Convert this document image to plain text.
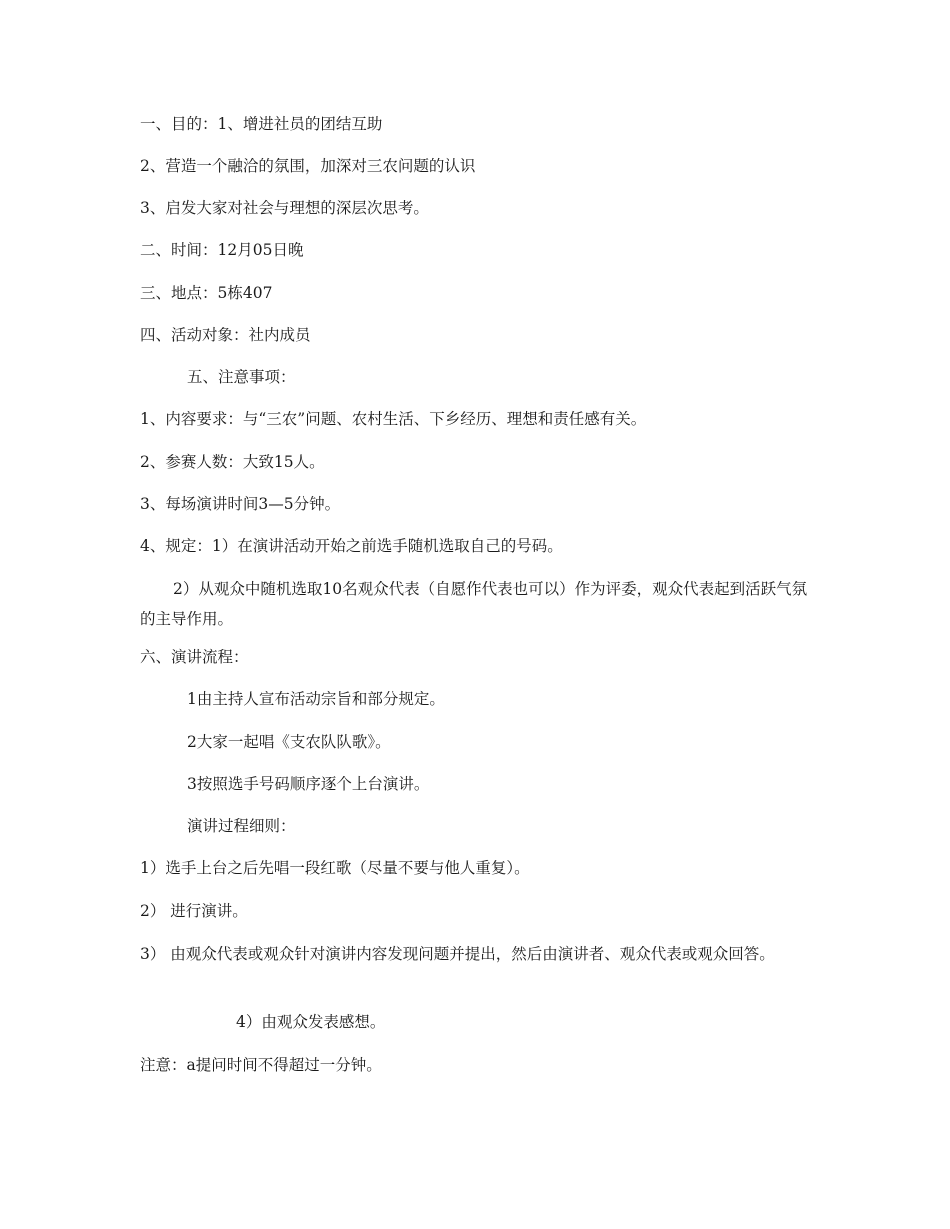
一、目的：1、增进社员的团结互助
2、营造一个融洽的氛围，加深对三农问题的认识
3、启发大家对社会与理想的深层次思考。
二、时间：12月05日晚
三、地点：5栋407
四、活动对象：社内成员
五、注意事项：
1、内容要求：与“三农”问题、农村生活、下乡经历、理想和责任感有关。
2、参赛人数：大致15人。
3、每场演讲时间3—5分钟。
4、规定：1）在演讲活动开始之前选手随机选取自己的号码。
2）从观众中随机选取10名观众代表（自愿作代表也可以）作为评委，观众代表起到活跃气氛的主导作用。
六、演讲流程：
1由主持人宣布活动宗旨和部分规定。
2大家一起唱《支农队队歌》。
3按照选手号码顺序逐个上台演讲。
演讲过程细则：
1）选手上台之后先唱一段红歌（尽量不要与他人重复）。
2） 进行演讲。
3） 由观众代表或观众针对演讲内容发现问题并提出，然后由演讲者、观众代表或观众回答。
4）由观众发表感想。
注意：a提问时间不得超过一分钟。
